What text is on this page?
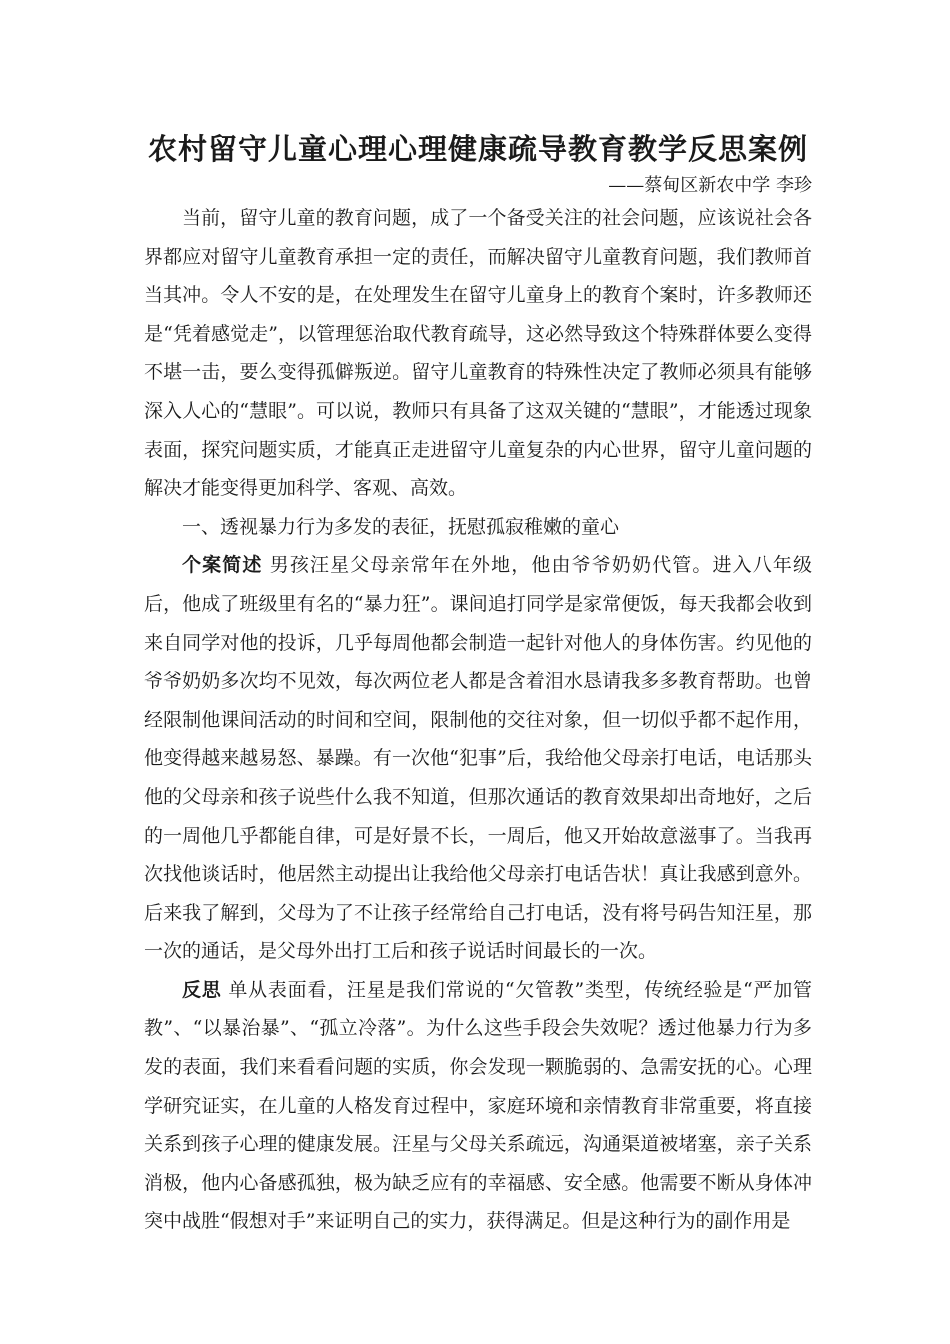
农村留守儿童心理心理健康疏导教育教学反思案例

——蔡甸区新农中学 李珍

当前，留守儿童的教育问题，成了一个备受关注的社会问题，应该说社会各界都应对留守儿童教育承担一定的责任，而解决留守儿童教育问题，我们教师首当其冲。令人不安的是，在处理发生在留守儿童身上的教育个案时，许多教师还是“凭着感觉走”，以管理惩治取代教育疏导，这必然导致这个特殊群体要么变得不堪一击，要么变得孤僻叛逆。留守儿童教育的特殊性决定了教师必须具有能够深入人心的“慧眼”。可以说，教师只有具备了这双关键的“慧眼”，才能透过现象表面，探究问题实质，才能真正走进留守儿童复杂的内心世界，留守儿童问题的解决才能变得更加科学、客观、高效。

一、透视暴力行为多发的表征，抚慰孤寂稚嫩的童心

个案简述 男孩汪星父母亲常年在外地，他由爷爷奶奶代管。进入八年级后，他成了班级里有名的“暴力狂”。课间追打同学是家常便饭，每天我都会收到来自同学对他的投诉，几乎每周他都会制造一起针对他人的身体伤害。约见他的爷爷奶奶多次均不见效，每次两位老人都是含着泪水恳请我多多教育帮助。也曾经限制他课间活动的时间和空间，限制他的交往对象，但一切似乎都不起作用，他变得越来越易怒、暴躁。有一次他“犯事”后，我给他父母亲打电话，电话那头他的父母亲和孩子说些什么我不知道，但那次通话的教育效果却出奇地好，之后的一周他几乎都能自律，可是好景不长，一周后，他又开始故意滋事了。当我再次找他谈话时，他居然主动提出让我给他父母亲打电话告状！真让我感到意外。后来我了解到，父母为了不让孩子经常给自己打电话，没有将号码告知汪星，那一次的通话，是父母外出打工后和孩子说话时间最长的一次。

反思 单从表面看，汪星是我们常说的“欠管教”类型，传统经验是“严加管教”、“以暴治暴”、“孤立冷落”。为什么这些手段会失效呢？透过他暴力行为多发的表面，我们来看看问题的实质，你会发现一颗脆弱的、急需安抚的心。心理学研究证实，在儿童的人格发育过程中，家庭环境和亲情教育非常重要，将直接关系到孩子心理的健康发展。汪星与父母关系疏远，沟通渠道被堵塞，亲子关系消极，他内心备感孤独，极为缺乏应有的幸福感、安全感。他需要不断从身体冲突中战胜“假想对手”来证明自己的实力，获得满足。但是这种行为的副作用是
